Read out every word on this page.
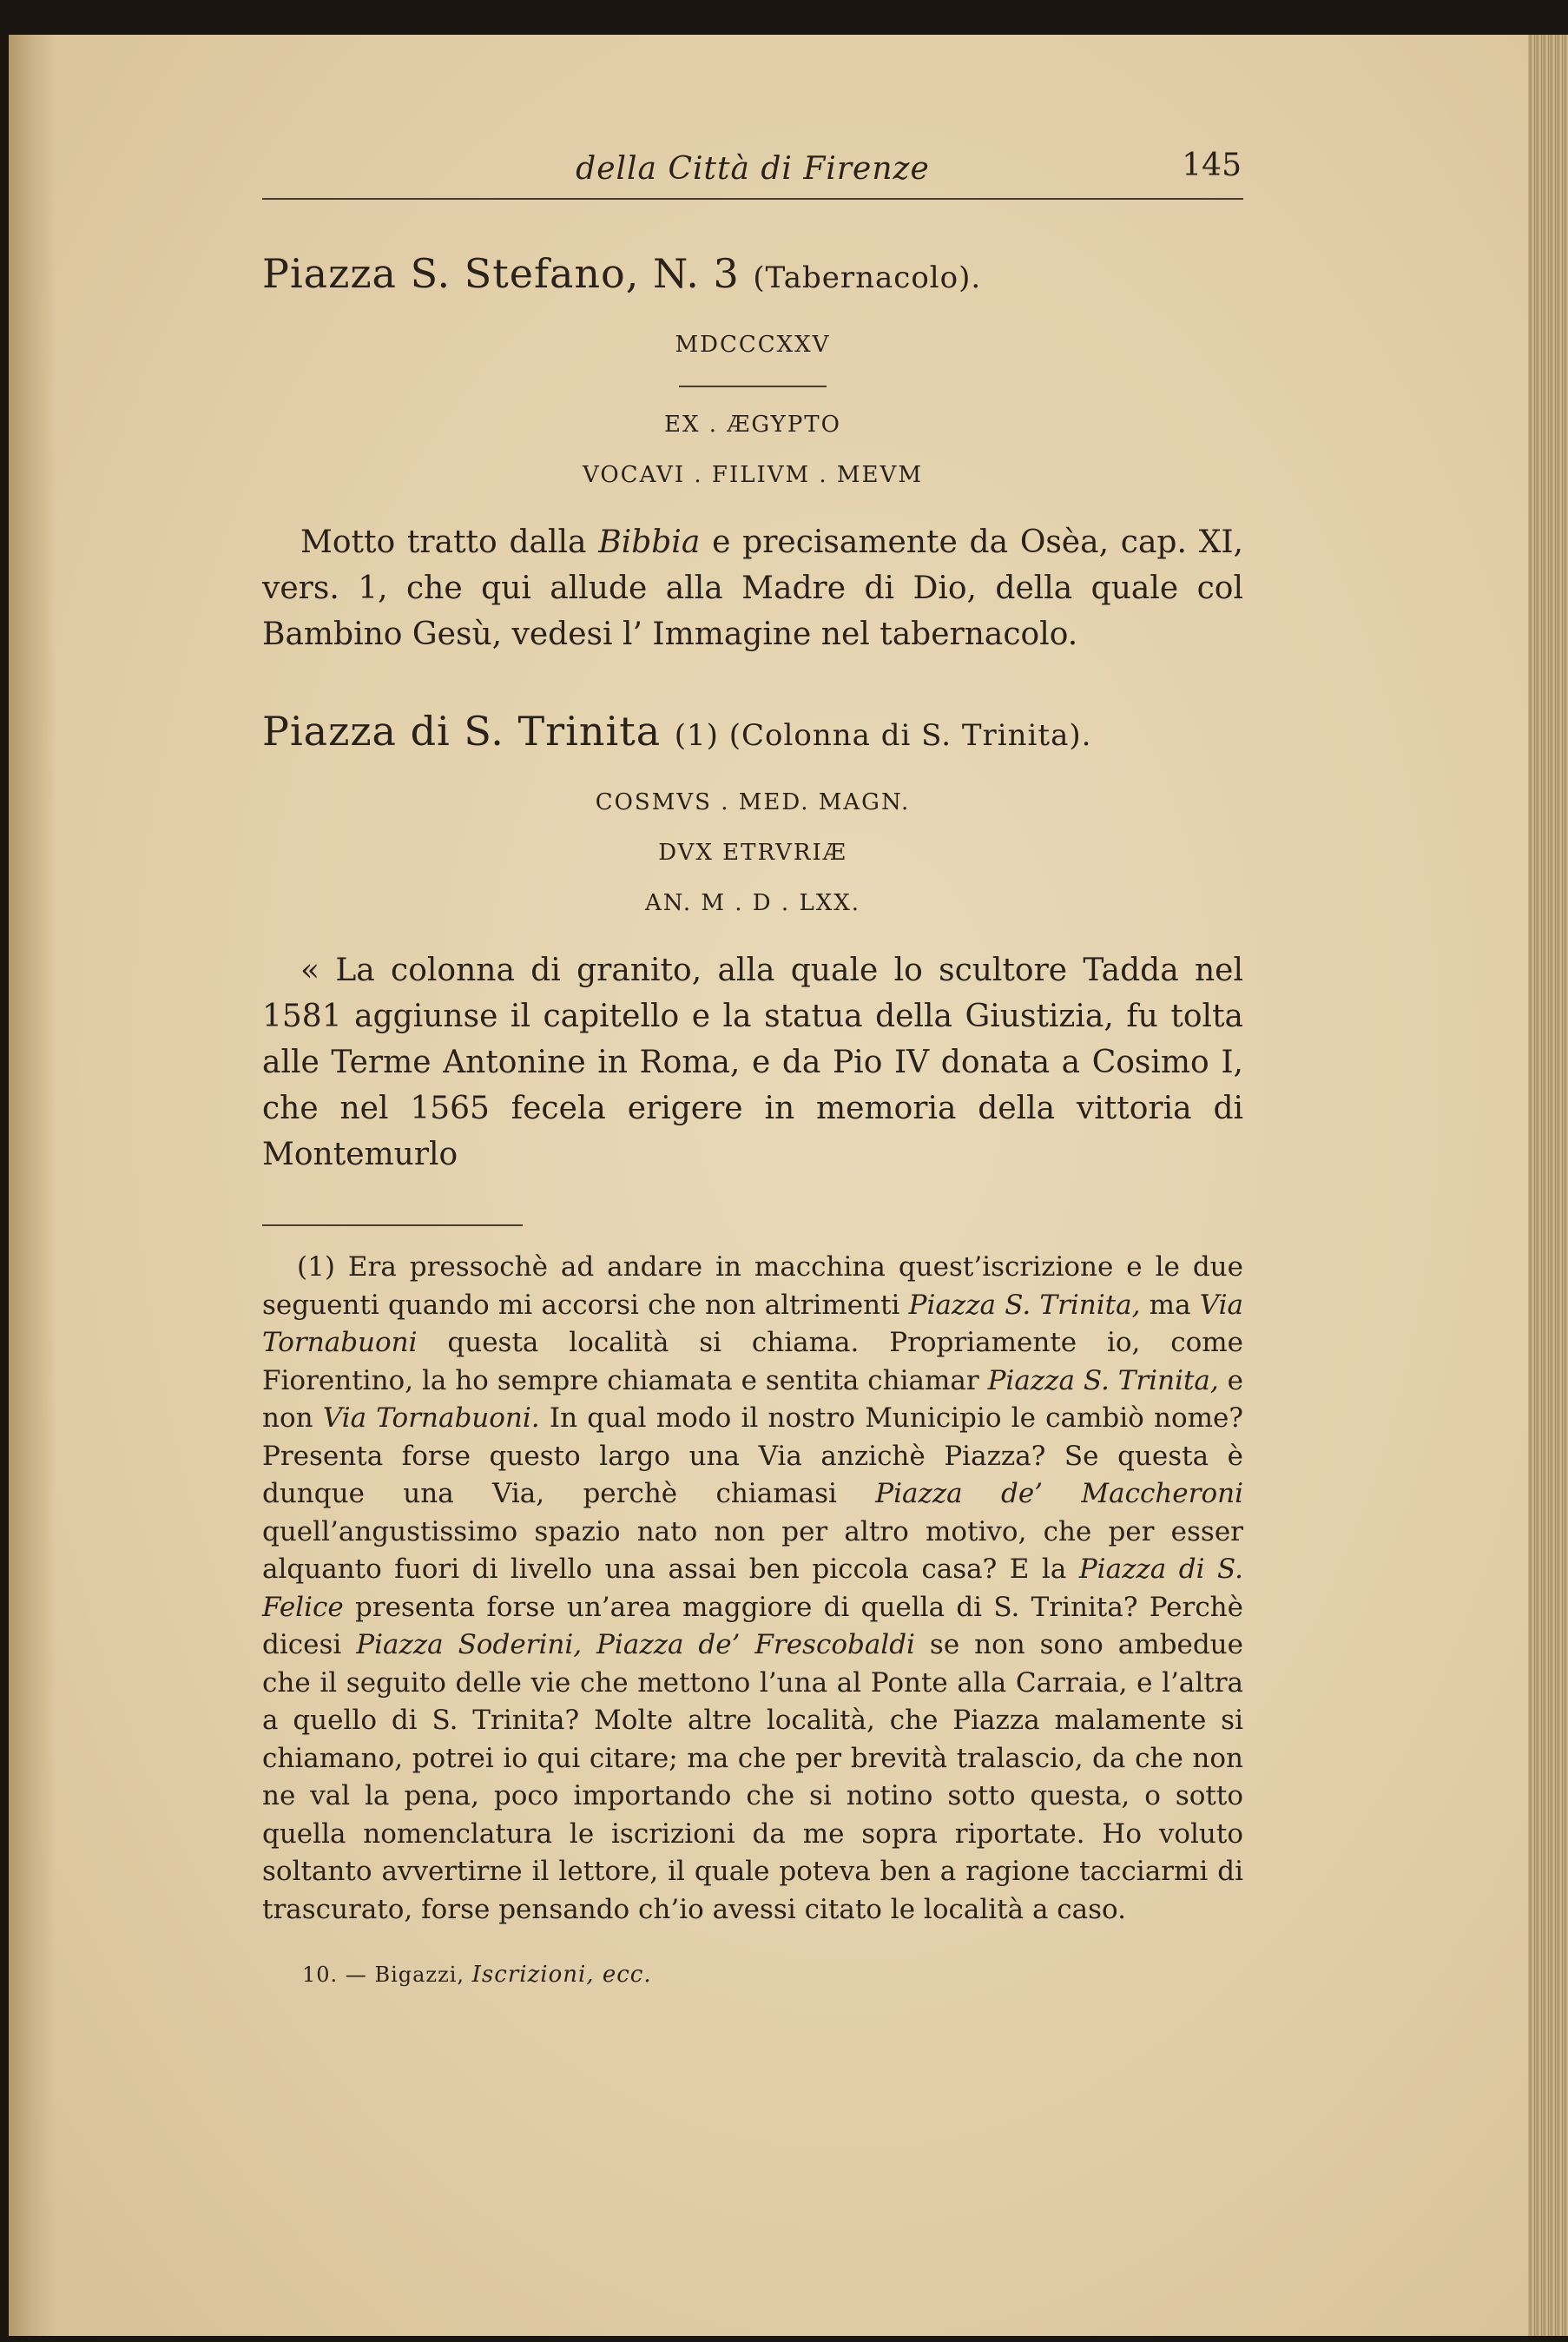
della Città di Firenze	145
Piazza S. Stefano, N. 3 (Tabernacolo).
MDCCCXXV
EX . ÆGYPTO
VOCAVI . FILIVM . MEVM

Motto tratto dalla Bibbia e precisamente da Osèa, cap. XI, vers. 1, che qui allude alla Madre di Dio, della quale col Bambino Gesù, vedesi l’ Immagine nel tabernacolo.

Piazza di S. Trinita (1) (Colonna di S. Trinita).
COSMVS . MED. MAGN.
DVX ETRVRIÆ
AN. M . D . LXX.

« La colonna di granito, alla quale lo scultore Tadda nel 1581 aggiunse il capitello e la statua della Giustizia, fu tolta alle Terme Antonine in Roma, e da Pio IV donata a Cosimo I, che nel 1565 fecela erigere in memoria della vittoria di Montemurlo

(1) Era pressochè ad andare in macchina quest’iscrizione e le due seguenti quando mi accorsi che non altrimenti Piazza S. Trinita, ma Via Tornabuoni questa località si chiama. Propriamente io, come Fiorentino, la ho sempre chiamata e sentita chiamar Piazza S. Trinita, e non Via Tornabuoni. In qual modo il nostro Municipio le cambiò nome? Presenta forse questo largo una Via anzichè Piazza? Se questa è dunque una Via, perchè chiamasi Piazza de’ Maccheroni quell’angustissimo spazio nato non per altro motivo, che per esser alquanto fuori di livello una assai ben piccola casa? E la Piazza di S. Felice presenta forse un’area maggiore di quella di S. Trinita? Perchè dicesi Piazza Soderini, Piazza de’ Frescobaldi se non sono ambedue che il seguito delle vie che mettono l’una al Ponte alla Carraia, e l’altra a quello di S. Trinita? Molte altre località, che Piazza malamente si chiamano, potrei io qui citare; ma che per brevità tralascio, da che non ne val la pena, poco importando che si notino sotto questa, o sotto quella nomenclatura le iscrizioni da me sopra riportate. Ho voluto soltanto avvertirne il lettore, il quale poteva ben a ragione tacciarmi di trascurato, forse pensando ch’io avessi citato le località a caso.

10. — Bigazzi, Iscrizioni, ecc.
